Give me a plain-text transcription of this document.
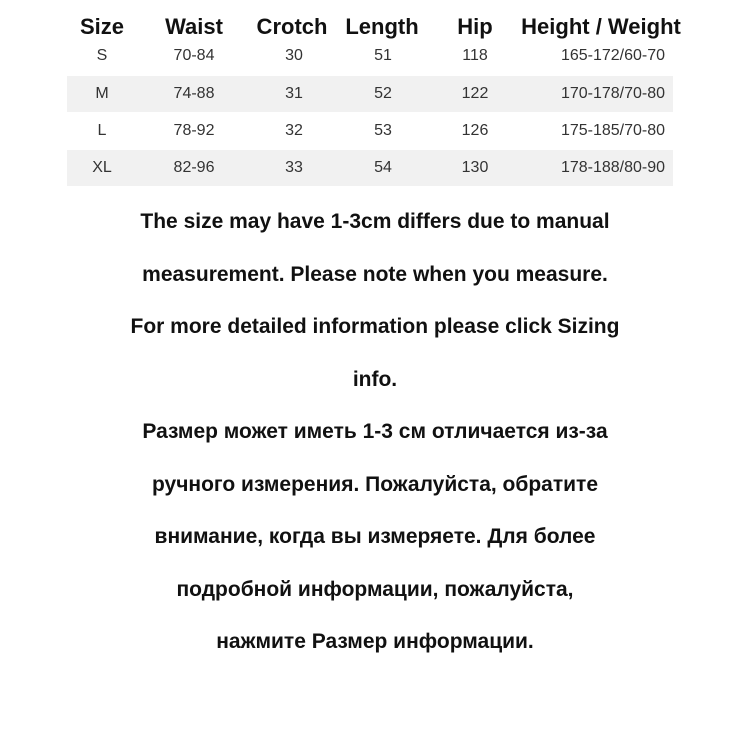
Size Waist Crotch Length Hip Height / Weight
S	70-84	30	51	118	165-172/60-70
M	74-88	31	52	122	170-178/70-80
L	78-92	32	53	126	175-185/70-80
XL	82-96	33	54	130	178-188/80-90
The size may have 1-3cm differs due to manual
measurement. Please note when you measure.
For more detailed information please click Sizing
info.
Размер может иметь 1-3 см отличается из-за
ручного измерения. Пожалуйста, обратите
внимание, когда вы измеряете. Для более
подробной информации, пожалуйста,
нажмите Размер информации.
